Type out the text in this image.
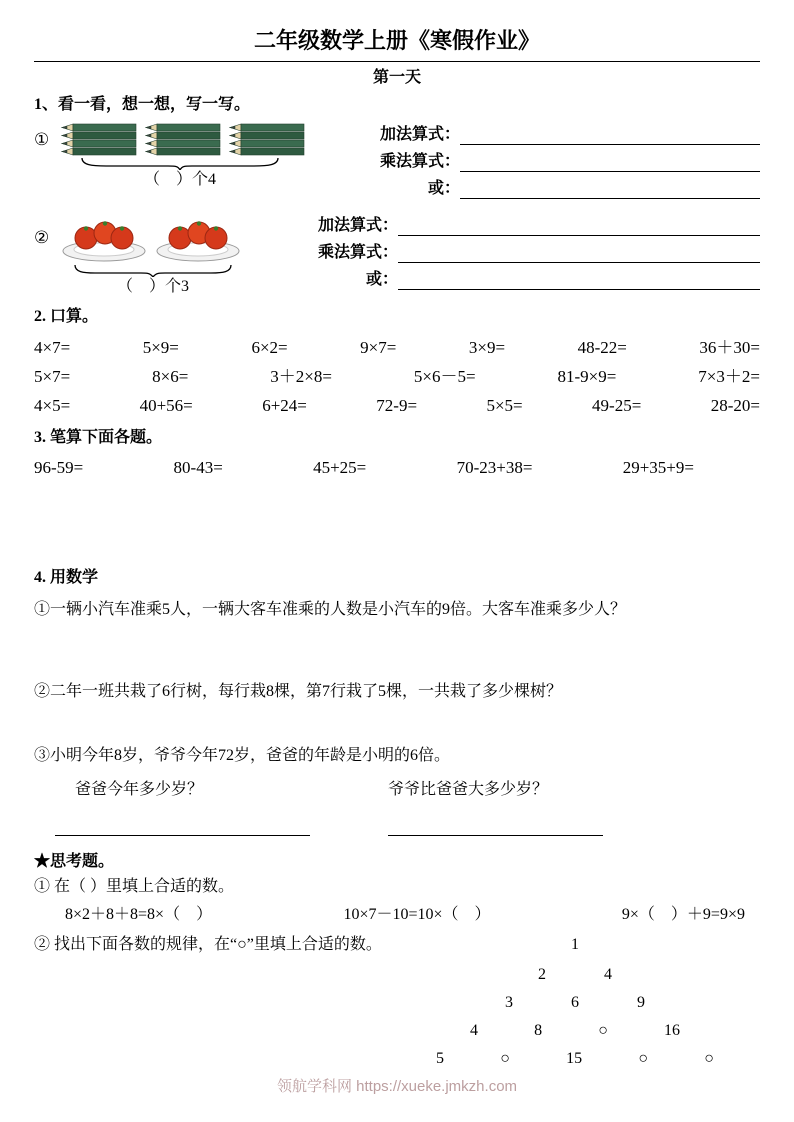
二年级数学上册《寒假作业》
第一天
1、看一看，想一想，写一写。
①
（　）个4
加法算式：
乘法算式：
或：
②
（　）个3
加法算式：
乘法算式：
或：
2. 口算。
4×7=	5×9=	6×2=	9×7=	3×9=	48-22=	36＋30=
5×7=	8×6=	3＋2×8=	5×6－5=	81-9×9=	7×3＋2=
4×5=	40+56=	6+24=	72-9=	5×5=	49-25=	28-20=
3. 笔算下面各题。
96-59=	80-43=	45+25=	70-23+38=	29+35+9=
4. 用数学
①一辆小汽车准乘5人，一辆大客车准乘的人数是小汽车的9倍。大客车准乘多少人？
②二年一班共栽了6行树，每行栽8棵，第7行栽了5棵，一共栽了多少棵树？
③小明今年8岁，爷爷今年72岁，爸爸的年龄是小明的6倍。
爸爸今年多少岁？	爷爷比爸爸大多少岁？
★思考题。
① 在（ ）里填上合适的数。
8×2＋8＋8=8×（　）	10×7－10=10×（　）	9×（　）＋9=9×9
② 找出下面各数的规律，在“○”里填上合适的数。	1
2	4
3	6	9
4	8	○	16
5	○	15	○	○
领航学科网 https://xueke.jmkzh.com
